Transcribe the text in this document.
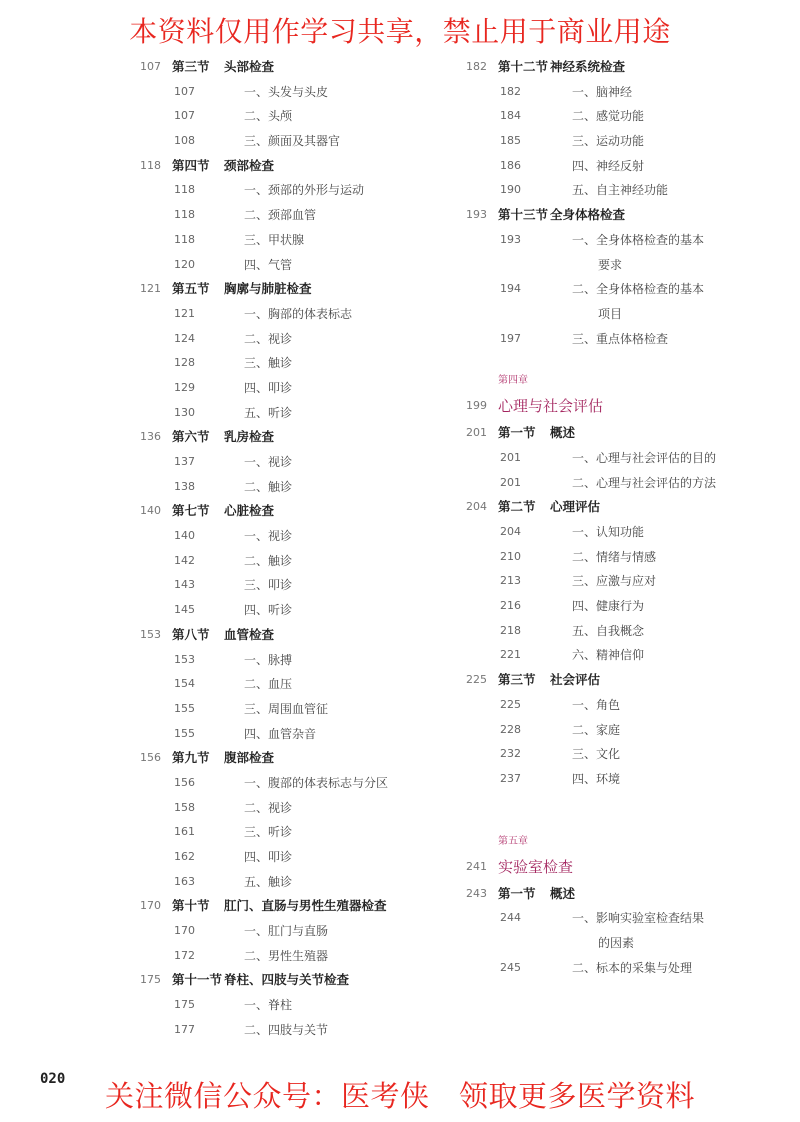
本资料仅用作学习共享，禁止用于商业用途
107 第三节 头部检查
107	一、头发与头皮
107	二、头颅
108	三、颜面及其器官
118 第四节 颈部检查
118	一、颈部的外形与运动
118	二、颈部血管
118	三、甲状腺
120	四、气管
121 第五节 胸廓与肺脏检查
121	一、胸部的体表标志
124	二、视诊
128	三、触诊
129	四、叩诊
130	五、听诊
136 第六节 乳房检查
137	一、视诊
138	二、触诊
140 第七节 心脏检查
140	一、视诊
142	二、触诊
143	三、叩诊
145	四、听诊
153 第八节 血管检查
153	一、脉搏
154	二、血压
155	三、周围血管征
155	四、血管杂音
156 第九节 腹部检查
156	一、腹部的体表标志与分区
158	二、视诊
161	三、听诊
162	四、叩诊
163	五、触诊
170 第十节 肛门、直肠与男性生殖器检查
170	一、肛门与直肠
172	二、男性生殖器
175 第十一节 脊柱、四肢与关节检查
175	一、脊柱
177	二、四肢与关节
182 第十二节 神经系统检查
182	一、脑神经
184	二、感觉功能
185	三、运动功能
186	四、神经反射
190	五、自主神经功能
193 第十三节 全身体格检查
193	一、全身体格检查的基本
要求
194	二、全身体格检查的基本
项目
197	三、重点体格检查
第四章
199 心理与社会评估
201 第一节 概述
201	一、心理与社会评估的目的
201	二、心理与社会评估的方法
204 第二节 心理评估
204	一、认知功能
210	二、情绪与情感
213	三、应激与应对
216	四、健康行为
218	五、自我概念
221	六、精神信仰
225 第三节 社会评估
225	一、角色
228	二、家庭
232	三、文化
237	四、环境
第五章
241 实验室检查
243 第一节 概述
244	一、影响实验室检查结果
的因素
245	二、标本的采集与处理
020	关注微信公众号：医考侠　领取更多医学资料
